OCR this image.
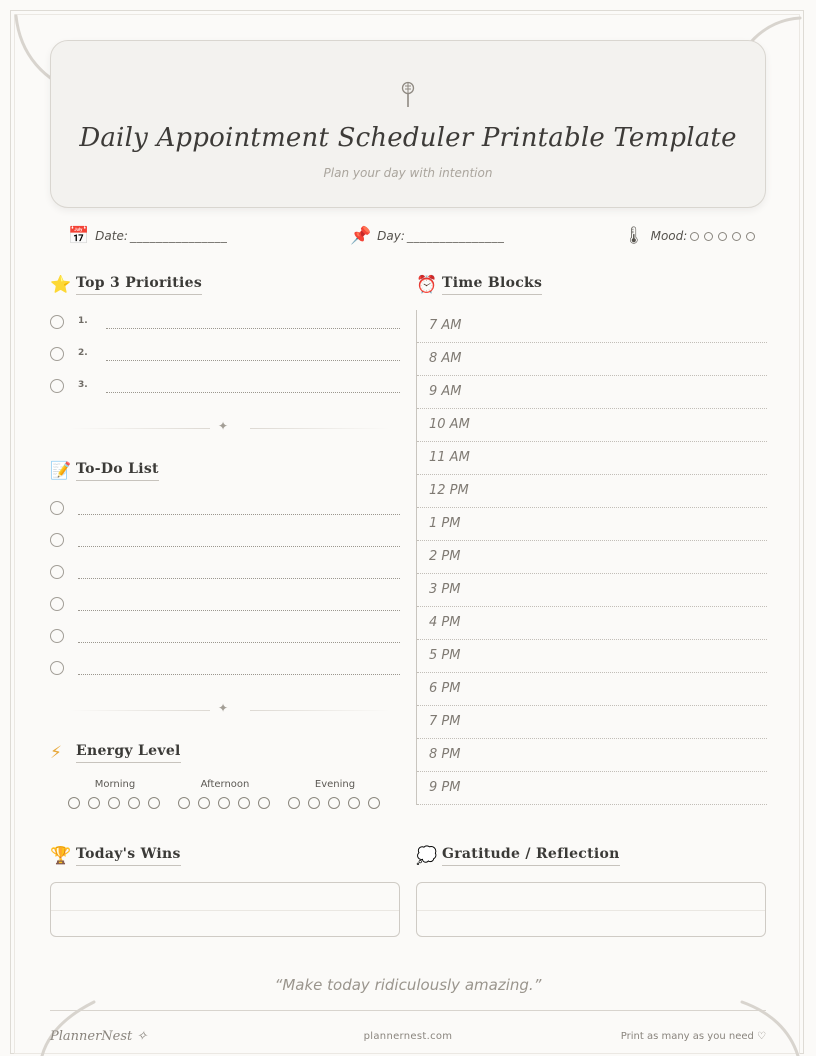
Daily Appointment Scheduler Printable Template
Plan your day with intention
📅 Date: _______________	📌 Day: _______________	🌡 Mood:
⭐ Top 3 Priorities
1.
2.
3.
✦
📝 To-Do List
✦
⚡	Energy Level
Morning	Afternoon	Evening
⏰ Time Blocks
7 AM
8 AM
9 AM
10 AM
11 AM
12 PM
1 PM
2 PM
3 PM
4 PM
5 PM
6 PM
7 PM
8 PM
9 PM
🏆 Today's Wins	💭 Gratitude / Reflection
“Make today ridiculously amazing.”
PlannerNest ✧	plannernest.com	Print as many as you need ♡
